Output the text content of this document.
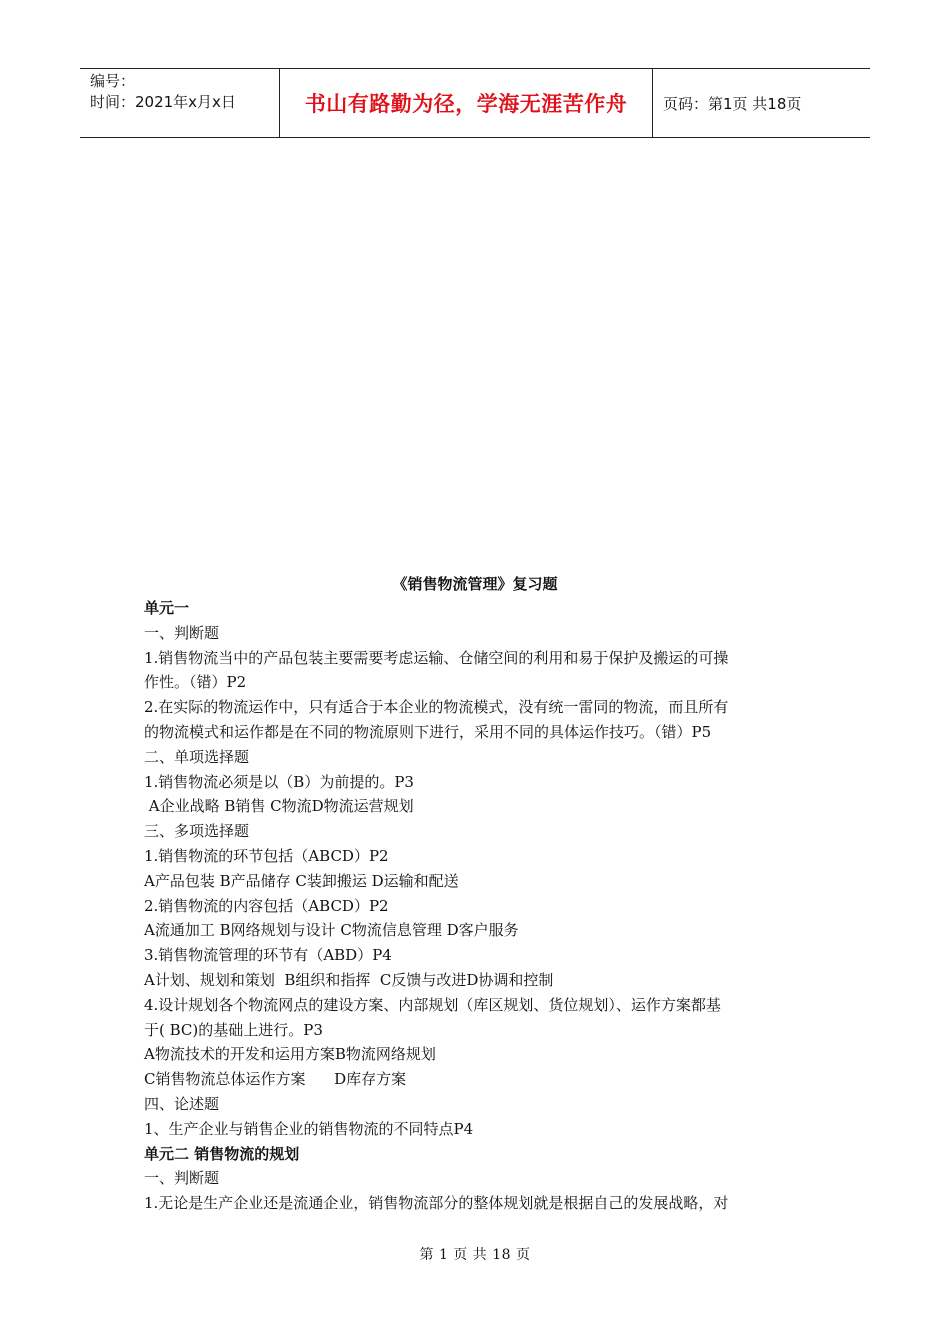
编号：
时间：2021年x月x日	书山有路勤为径，学海无涯苦作舟	页码：第1页 共18页
《销售物流管理》复习题

单元一

一、判断题

1.销售物流当中的产品包装主要需要考虑运输、仓储空间的利用和易于保护及搬运的可操

作性。（错）P2

2.在实际的物流运作中，只有适合于本企业的物流模式，没有统一雷同的物流，而且所有

的物流模式和运作都是在不同的物流原则下进行，采用不同的具体运作技巧。（错）P5

二、单项选择题

1.销售物流必须是以（B）为前提的。P3

A企业战略 B销售 C物流D物流运营规划

三、多项选择题

1.销售物流的环节包括（ABCD）P2

A产品包装 B产品储存 C装卸搬运 D运输和配送

2.销售物流的内容包括（ABCD）P2

A流通加工 B网络规划与设计 C物流信息管理 D客户服务

3.销售物流管理的环节有（ABD）P4

A计划、规划和策划  B组织和指挥  C反馈与改进D协调和控制

4.设计规划各个物流网点的建设方案、内部规划（库区规划、货位规划）、运作方案都基

于( BC)的基础上进行。P3

A物流技术的开发和运用方案B物流网络规划

C销售物流总体运作方案      D库存方案

四、论述题

1、生产企业与销售企业的销售物流的不同特点P4

单元二 销售物流的规划

一、判断题

1.无论是生产企业还是流通企业，销售物流部分的整体规划就是根据自己的发展战略，对

第 1 页 共 18 页
